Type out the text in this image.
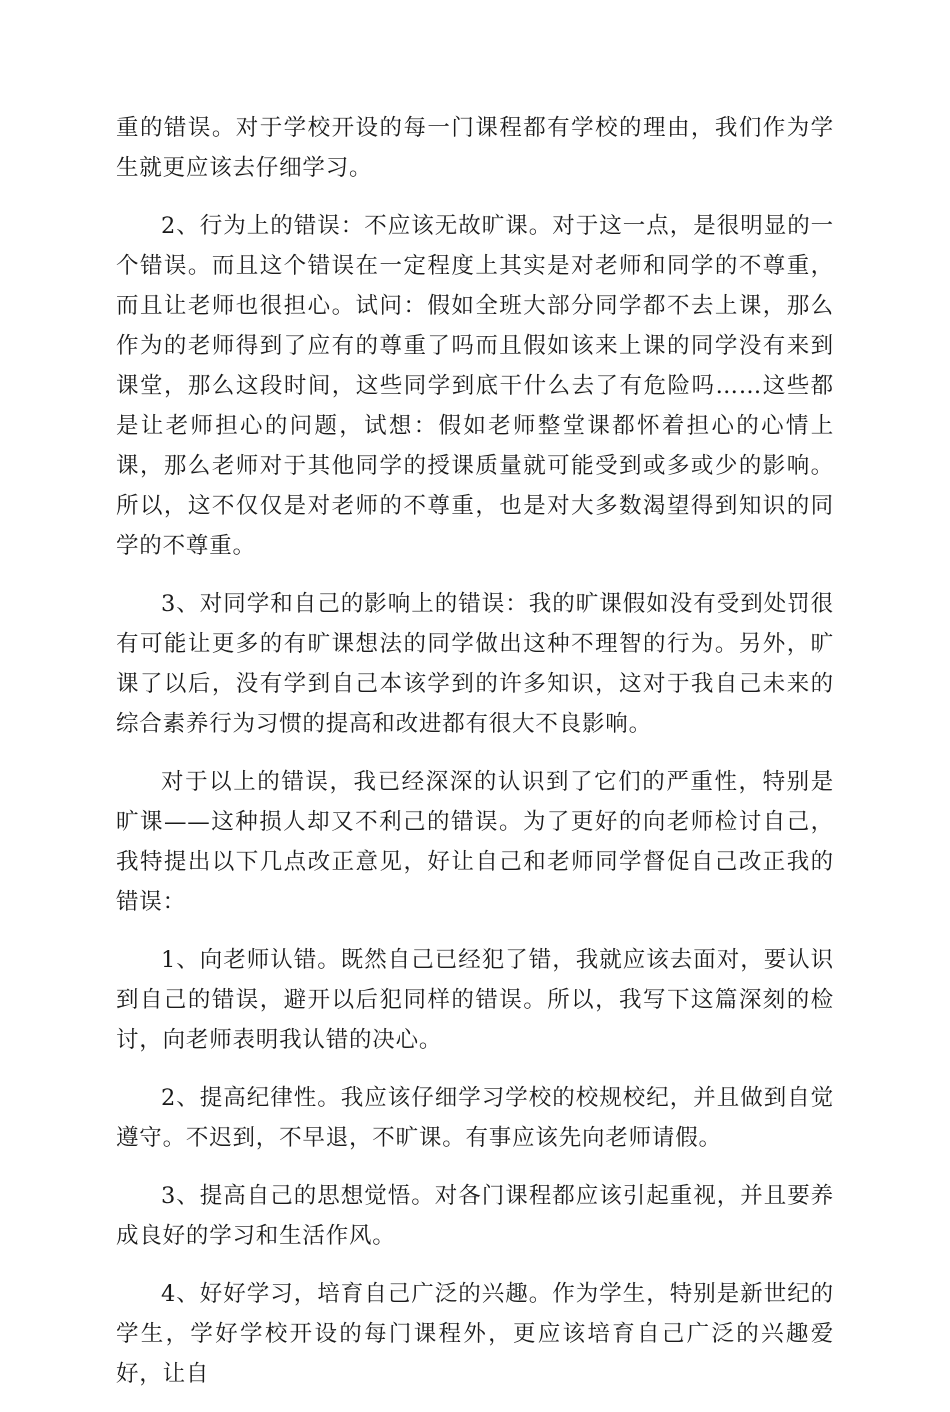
重的错误。对于学校开设的每一门课程都有学校的理由，我们作为学生就更应该去仔细学习。

2、行为上的错误：不应该无故旷课。对于这一点，是很明显的一个错误。而且这个错误在一定程度上其实是对老师和同学的不尊重，而且让老师也很担心。试问：假如全班大部分同学都不去上课，那么作为的老师得到了应有的尊重了吗而且假如该来上课的同学没有来到课堂，那么这段时间，这些同学到底干什么去了有危险吗……这些都是让老师担心的问题，试想：假如老师整堂课都怀着担心的心情上课，那么老师对于其他同学的授课质量就可能受到或多或少的影响。所以，这不仅仅是对老师的不尊重，也是对大多数渴望得到知识的同学的不尊重。

3、对同学和自己的影响上的错误：我的旷课假如没有受到处罚很有可能让更多的有旷课想法的同学做出这种不理智的行为。另外，旷课了以后，没有学到自己本该学到的许多知识，这对于我自己未来的综合素养行为习惯的提高和改进都有很大不良影响。

对于以上的错误，我已经深深的认识到了它们的严重性，特别是旷课——这种损人却又不利己的错误。为了更好的向老师检讨自己，我特提出以下几点改正意见，好让自己和老师同学督促自己改正我的错误：

1、向老师认错。既然自己已经犯了错，我就应该去面对，要认识到自己的错误，避开以后犯同样的错误。所以，我写下这篇深刻的检讨，向老师表明我认错的决心。

2、提高纪律性。我应该仔细学习学校的校规校纪，并且做到自觉遵守。不迟到，不早退，不旷课。有事应该先向老师请假。

3、提高自己的思想觉悟。对各门课程都应该引起重视，并且要养成良好的学习和生活作风。

4、好好学习，培育自己广泛的兴趣。作为学生，特别是新世纪的学生，学好学校开设的每门课程外，更应该培育自己广泛的兴趣爱好，让自
